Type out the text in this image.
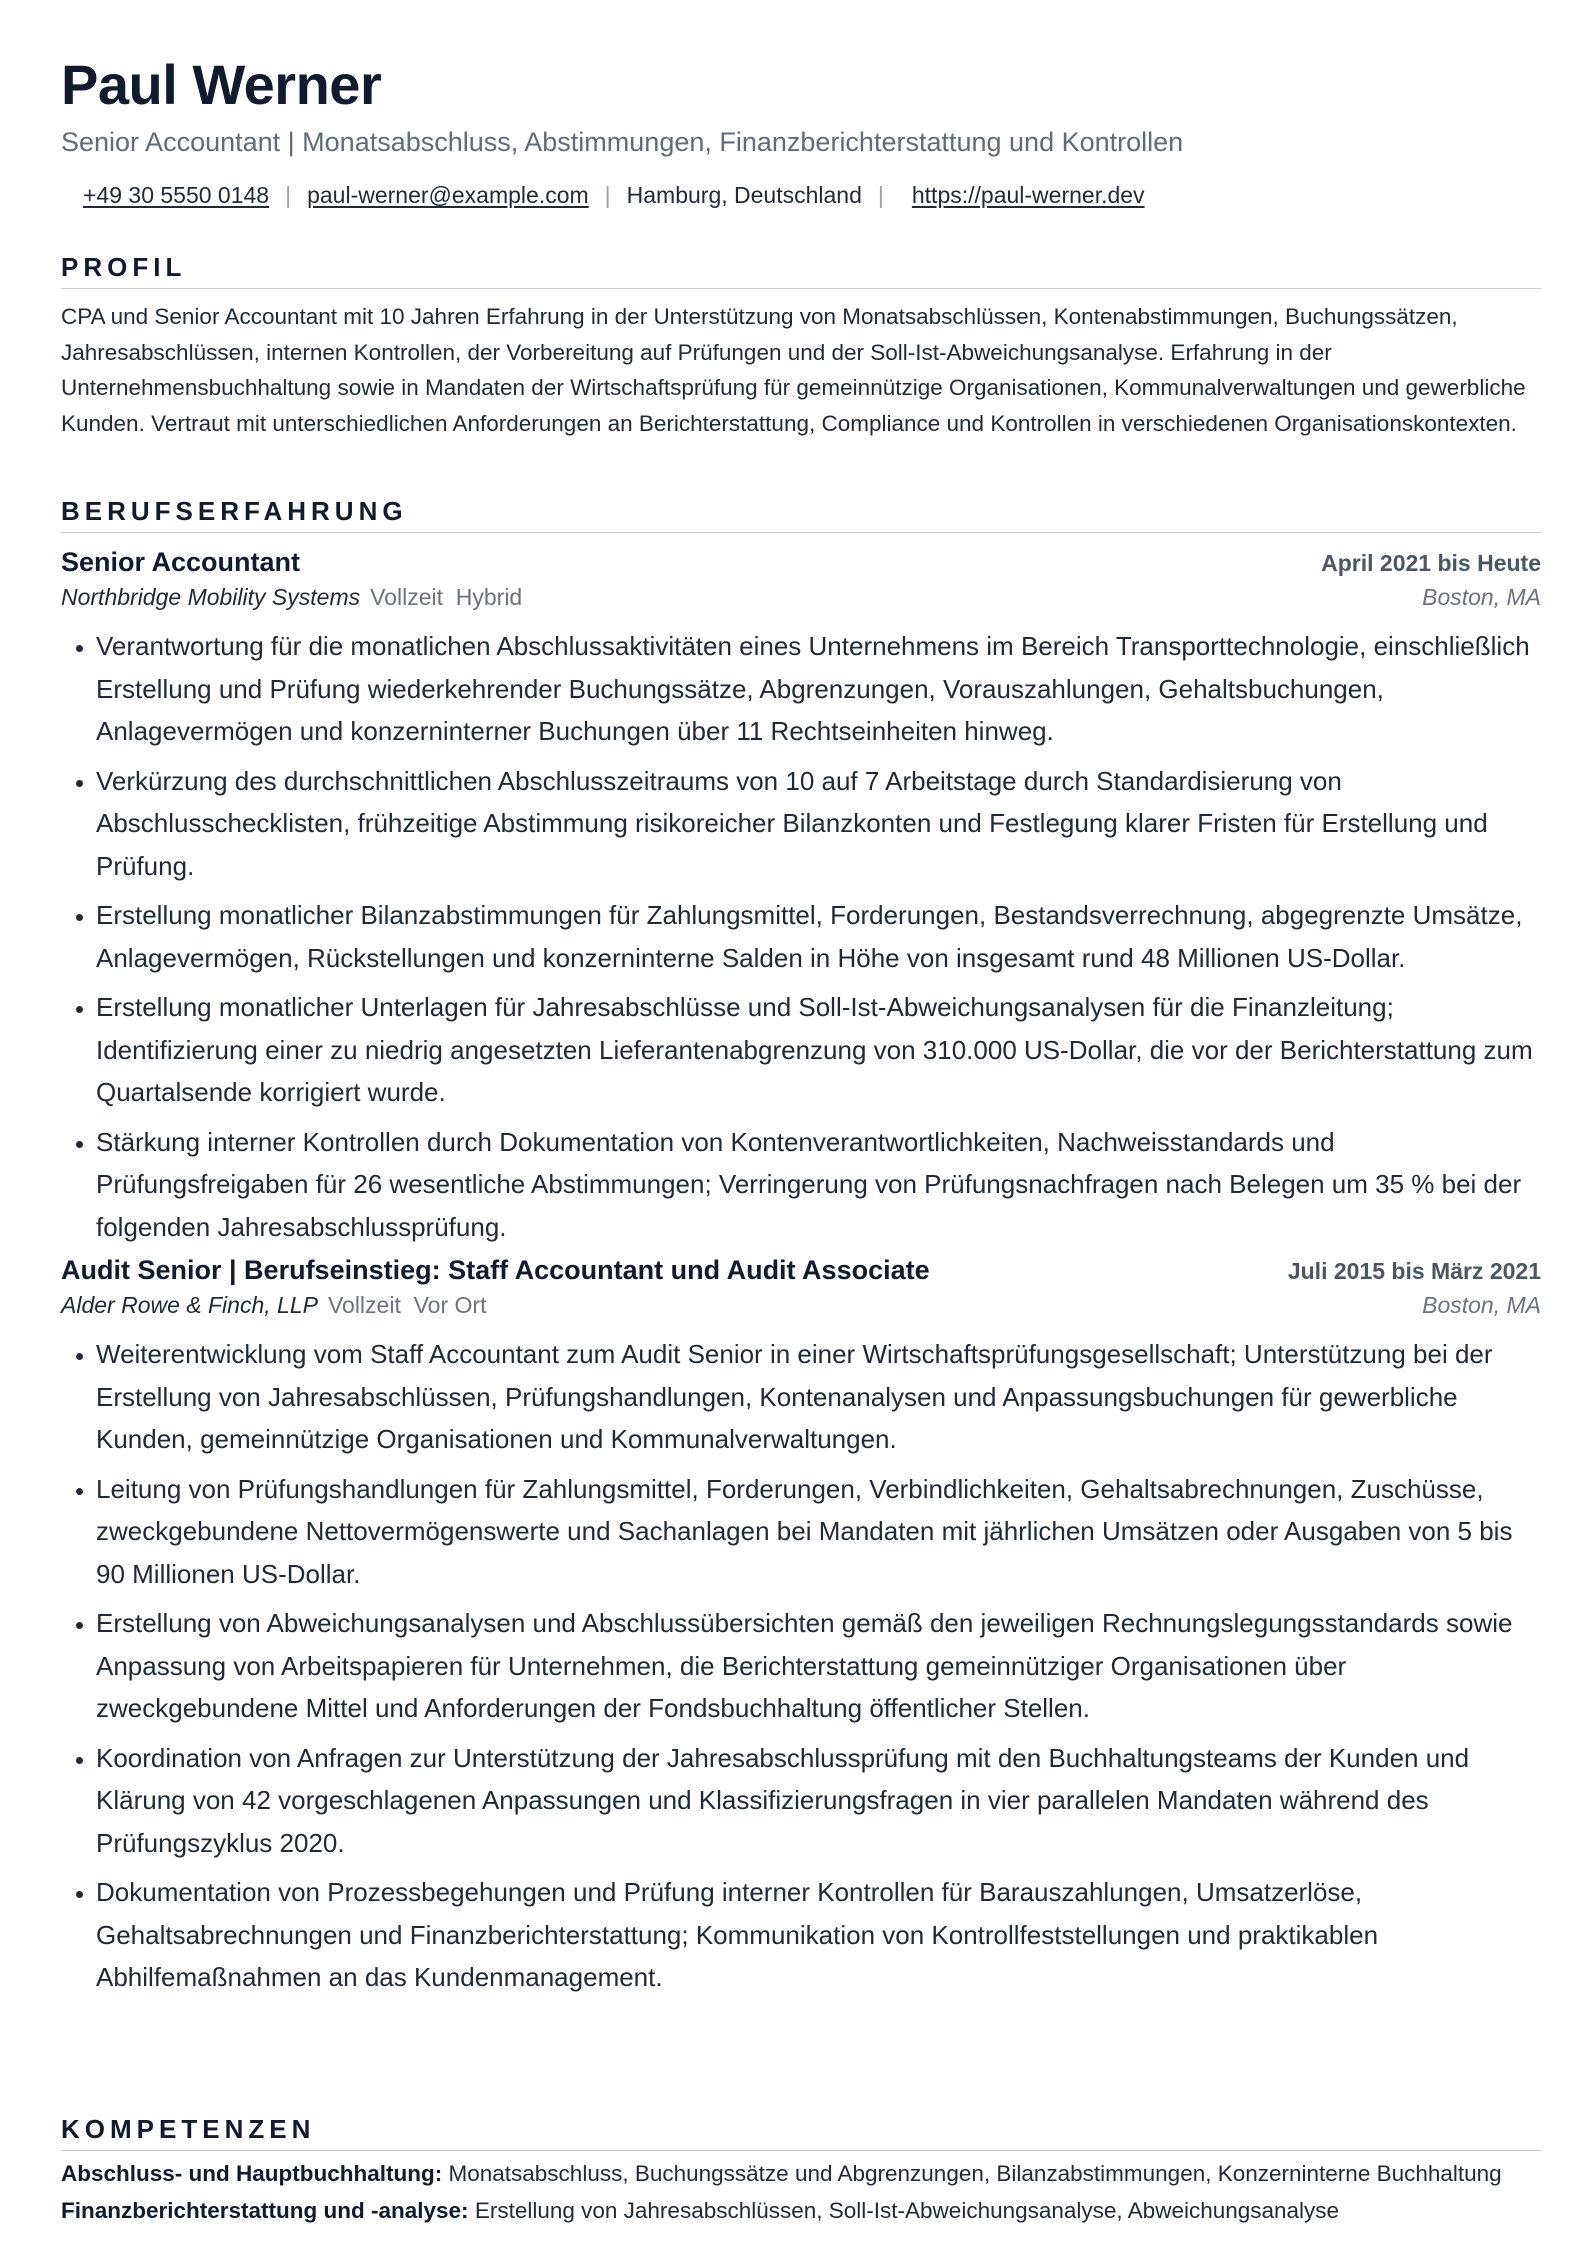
Paul Werner
Senior Accountant | Monatsabschluss, Abstimmungen, Finanzberichterstattung und Kontrollen
+49 30 5550 0148 | paul-werner@example.com | Hamburg, Deutschland | https://paul-werner.dev
PROFIL
CPA und Senior Accountant mit 10 Jahren Erfahrung in der Unterstützung von Monatsabschlüssen, Kontenabstimmungen, Buchungssätzen, Jahresabschlüssen, internen Kontrollen, der Vorbereitung auf Prüfungen und der Soll-Ist-Abweichungsanalyse. Erfahrung in der Unternehmensbuchhaltung sowie in Mandaten der Wirtschaftsprüfung für gemeinnützige Organisationen, Kommunalverwaltungen und gewerbliche Kunden. Vertraut mit unterschiedlichen Anforderungen an Berichterstattung, Compliance und Kontrollen in verschiedenen Organisationskontexten.
BERUFSERFAHRUNG
Senior Accountant	April 2021 bis Heute
Northbridge Mobility Systems Vollzeit  Hybrid	Boston, MA
• Verantwortung für die monatlichen Abschlussaktivitäten eines Unternehmens im Bereich Transporttechnologie, einschließlich Erstellung und Prüfung wiederkehrender Buchungssätze, Abgrenzungen, Vorauszahlungen, Gehaltsbuchungen, Anlagevermögen und konzerninterner Buchungen über 11 Rechtseinheiten hinweg.
• Verkürzung des durchschnittlichen Abschlusszeitraums von 10 auf 7 Arbeitstage durch Standardisierung von Abschlusschecklisten, frühzeitige Abstimmung risikoreicher Bilanzkonten und Festlegung klarer Fristen für Erstellung und Prüfung.
• Erstellung monatlicher Bilanzabstimmungen für Zahlungsmittel, Forderungen, Bestandsverrechnung, abgegrenzte Umsätze, Anlagevermögen, Rückstellungen und konzerninterne Salden in Höhe von insgesamt rund 48 Millionen US-Dollar.
• Erstellung monatlicher Unterlagen für Jahresabschlüsse und Soll-Ist-Abweichungsanalysen für die Finanzleitung; Identifizierung einer zu niedrig angesetzten Lieferantenabgrenzung von 310.000 US-Dollar, die vor der Berichterstattung zum Quartalsende korrigiert wurde.
• Stärkung interner Kontrollen durch Dokumentation von Kontenverantwortlichkeiten, Nachweisstandards und Prüfungsfreigaben für 26 wesentliche Abstimmungen; Verringerung von Prüfungsnachfragen nach Belegen um 35 % bei der folgenden Jahresabschlussprüfung.
Audit Senior | Berufseinstieg: Staff Accountant und Audit Associate	Juli 2015 bis März 2021
Alder Rowe & Finch, LLP Vollzeit  Vor Ort	Boston, MA
• Weiterentwicklung vom Staff Accountant zum Audit Senior in einer Wirtschaftsprüfungsgesellschaft; Unterstützung bei der Erstellung von Jahresabschlüssen, Prüfungshandlungen, Kontenanalysen und Anpassungsbuchungen für gewerbliche Kunden, gemeinnützige Organisationen und Kommunalverwaltungen.
• Leitung von Prüfungshandlungen für Zahlungsmittel, Forderungen, Verbindlichkeiten, Gehaltsabrechnungen, Zuschüsse, zweckgebundene Nettovermögenswerte und Sachanlagen bei Mandaten mit jährlichen Umsätzen oder Ausgaben von 5 bis 90 Millionen US-Dollar.
• Erstellung von Abweichungsanalysen und Abschlussübersichten gemäß den jeweiligen Rechnungslegungsstandards sowie Anpassung von Arbeitspapieren für Unternehmen, die Berichterstattung gemeinnütziger Organisationen über zweckgebundene Mittel und Anforderungen der Fondsbuchhaltung öffentlicher Stellen.
• Koordination von Anfragen zur Unterstützung der Jahresabschlussprüfung mit den Buchhaltungsteams der Kunden und Klärung von 42 vorgeschlagenen Anpassungen und Klassifizierungsfragen in vier parallelen Mandaten während des Prüfungszyklus 2020.
• Dokumentation von Prozessbegehungen und Prüfung interner Kontrollen für Barauszahlungen, Umsatzerlöse, Gehaltsabrechnungen und Finanzberichterstattung; Kommunikation von Kontrollfeststellungen und praktikablen Abhilfemaßnahmen an das Kundenmanagement.
KOMPETENZEN
Abschluss- und Hauptbuchhaltung: Monatsabschluss, Buchungssätze und Abgrenzungen, Bilanzabstimmungen, Konzerninterne Buchhaltung
Finanzberichterstattung und -analyse: Erstellung von Jahresabschlüssen, Soll-Ist-Abweichungsanalyse, Abweichungsanalyse
